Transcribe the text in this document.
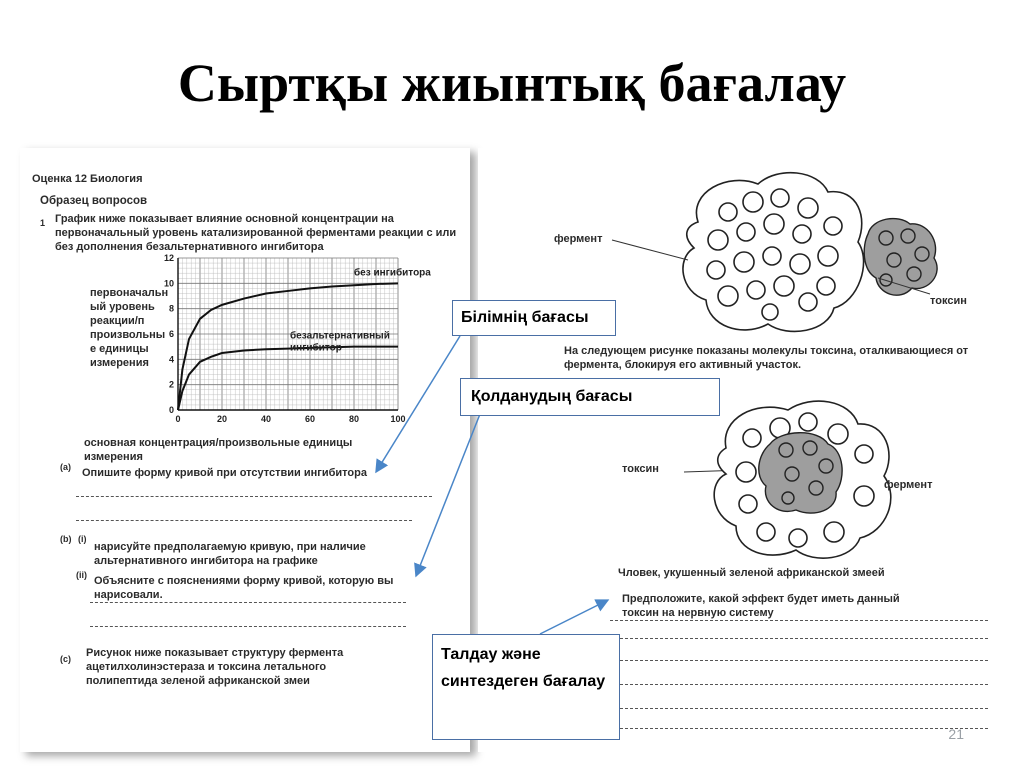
Сыртқы жиынтық бағалау
Оценка 12 Биология
Образец вопросов
1 График ниже показывает влияние основной концентрации на первоначальный уровень катализированной ферментами реакции с или без дополнения безальтернативного ингибитора
первоначальн
ый уровень
реакции/п
произвольны
е единицы
измерения
0	20	40	60	80	100
0
2
4
6
8
10
12
без ингибитора
безальтернативный
ингибитор
основная концентрация/произвольные единицы измерения
(a) Опишите форму кривой при отсутствии ингибитора
(b) (i)
нарисуйте предполагаемую кривую, при наличие альтернативного ингибитора на графике
(ii) Объясните с пояснениями форму кривой, которую вы нарисовали.
(c) Рисунок ниже показывает структуру фермента ацетилхолинэстераза и токсина летального полипептида зеленой африканской змеи
фермент
токсин
На следующем рисунке показаны молекулы токсина, оталкивающиеся от фермента, блокируя его активный участок.
токсин
фермент
Чловек, укушенный зеленой африканской змеей
Предположите, какой эффект будет иметь данный токсин на нервную систему
Білімнің бағасы
Қолданудың бағасы
Талдау және синтездеген бағалау
21
